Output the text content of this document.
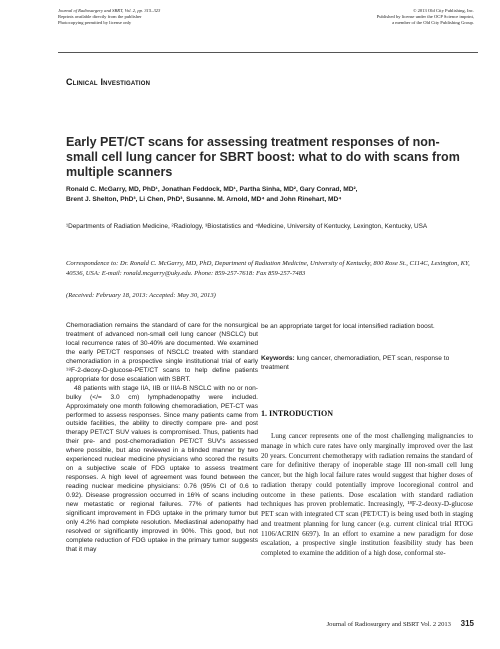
Journal of Radiosurgery and SBRT, Vol. 2, pp. 315–323
Reprints available directly from the publisher
Photocopying permitted by license only
© 2013 Old City Publishing, Inc.
Published by license under the OCP Science imprint,
a member of the Old City Publishing Group.
Clinical Investigation
Early PET/CT scans for assessing treatment responses of non-small cell lung cancer for SBRT boost: what to do with scans from multiple scanners
Ronald C. McGarry, MD, PhD¹, Jonathan Feddock, MD¹, Partha Sinha, MD², Gary Conrad, MD²,
Brent J. Shelton, PhD³, Li Chen, PhD³, Susanne. M. Arnold, MD⁴ and John Rinehart, MD⁴
¹Departments of Radiation Medicine, ²Radiology, ³Biostatistics and ⁴Medicine, University of Kentucky, Lexington, Kentucky, USA
Correspondence to: Dr. Ronald C. McGarry, MD, PhD, Department of Radiation Medicine, University of Kentucky, 800 Rose St., C114C, Lexington, KY, 40536, USA: E-mail: ronald.mcgarry@uky.edu. Phone: 859-257-7618: Fax 859-257-7483
(Received: February 18, 2013: Accepted: May 30, 2013)

Chemoradiation remains the standard of care for the nonsurgical treatment of advanced non-small cell lung cancer (NSCLC) but local recurrence rates of 30-40% are documented. We examined the early PET/CT responses of NSCLC treated with standard chemoradiation in a prospective single institutional trial of early ¹⁸F-2-deoxy-D-glucose-PET/CT scans to help define patients appropriate for dose escalation with SBRT.

48 patients with stage IIA, IIB or IIIA-B NSCLC with no or non-bulky (</= 3.0 cm) lymphadenopathy were included. Approximately one month following chemoradiation, PET-CT was performed to assess responses. Since many patients came from outside facilities, the ability to directly compare pre- and post therapy PET/CT SUV values is compromised. Thus, patients had their pre- and post-chemoradiation PET/CT SUV's assessed where possible, but also reviewed in a blinded manner by two experienced nuclear medicine physicians who scored the results on a subjective scale of FDG uptake to assess treatment responses. A high level of agreement was found between the reading nuclear medicine physicians: 0.76 (95% CI of 0.6 to 0.92). Disease progression occurred in 16% of scans including new metastatic or regional failures. 77% of patients had significant improvement in FDG uptake in the primary tumor but only 4.2% had complete resolution. Mediastinal adenopathy had resolved or significantly improved in 90%. This good, but not complete reduction of FDG uptake in the primary tumor suggests that it may

be an appropriate target for local intensified radiation boost.
Keywords: lung cancer, chemoradiation, PET scan, response to treatment
1. INTRODUCTION

Lung cancer represents one of the most challenging malignancies to manage in which cure rates have only marginally improved over the last 20 years. Concurrent chemotherapy with radiation remains the standard of care for definitive therapy of inoperable stage III non-small cell lung cancer, but the high local failure rates would suggest that higher doses of radiation therapy could potentially improve locoregional control and outcome in these patients. Dose escalation with standard radiation techniques has proven problematic. Increasingly, ¹⁸F-2-deoxy-D-glucose PET scan with integrated CT scan (PET/CT) is being used both in staging and treatment planning for lung cancer (e.g. current clinical trial RTOG 1106/ACRIN 6697). In an effort to examine a new paradigm for dose escalation, a prospective single institution feasibility study has been completed to examine the addition of a high dose, conformal ste-

Journal of Radiosurgery and SBRT Vol. 2 2013 315
